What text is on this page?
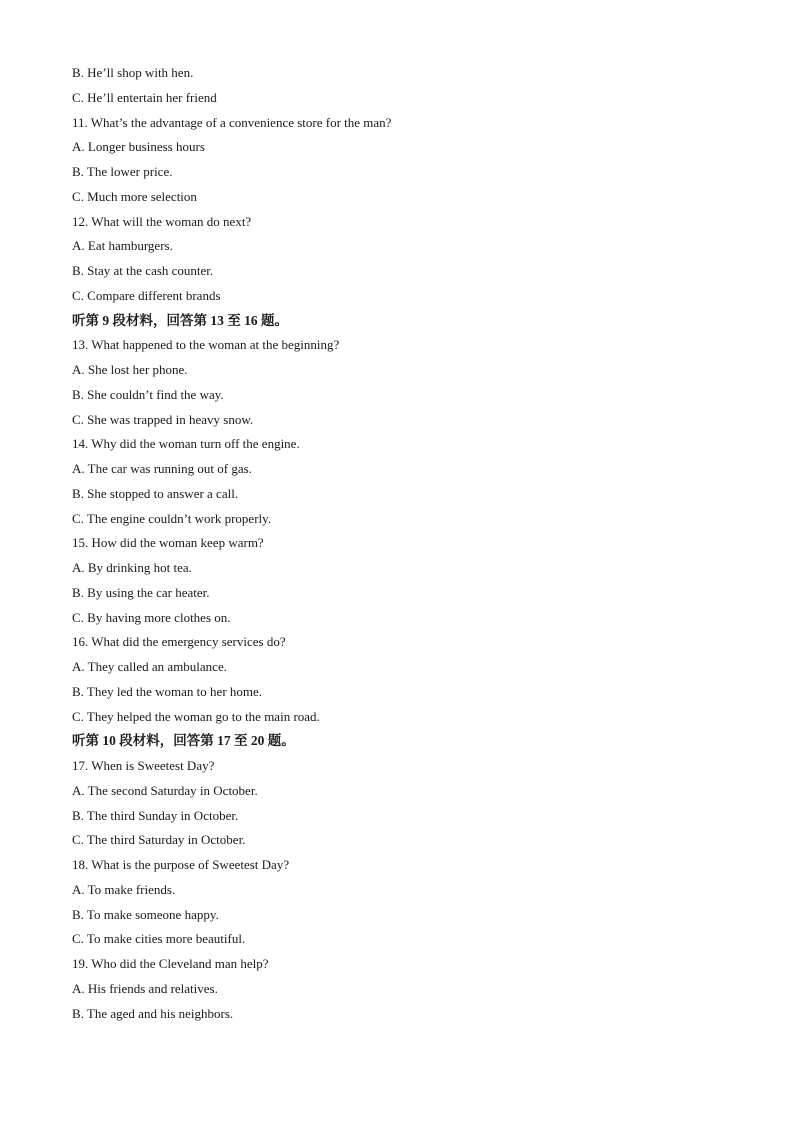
B. He’ll shop with hen.
C. He’ll entertain her friend
11. What’s the advantage of a convenience store for the man?
A. Longer business hours
B. The lower price.
C. Much more selection
12. What will the woman do next?
A. Eat hamburgers.
B. Stay at the cash counter.
C. Compare different brands
听第 9 段材料，回答第 13 至 16 题。
13. What happened to the woman at the beginning?
A. She lost her phone.
B. She couldn’t find the way.
C. She was trapped in heavy snow.
14. Why did the woman turn off the engine.
A. The car was running out of gas.
B. She stopped to answer a call.
C. The engine couldn’t work properly.
15. How did the woman keep warm?
A. By drinking hot tea.
B. By using the car heater.
C. By having more clothes on.
16. What did the emergency services do?
A. They called an ambulance.
B. They led the woman to her home.
C. They helped the woman go to the main road.
听第 10 段材料，回答第 17 至 20 题。
17. When is Sweetest Day?
A. The second Saturday in October.
B. The third Sunday in October.
C. The third Saturday in October.
18. What is the purpose of Sweetest Day?
A. To make friends.
B. To make someone happy.
C. To make cities more beautiful.
19. Who did the Cleveland man help?
A. His friends and relatives.
B. The aged and his neighbors.
